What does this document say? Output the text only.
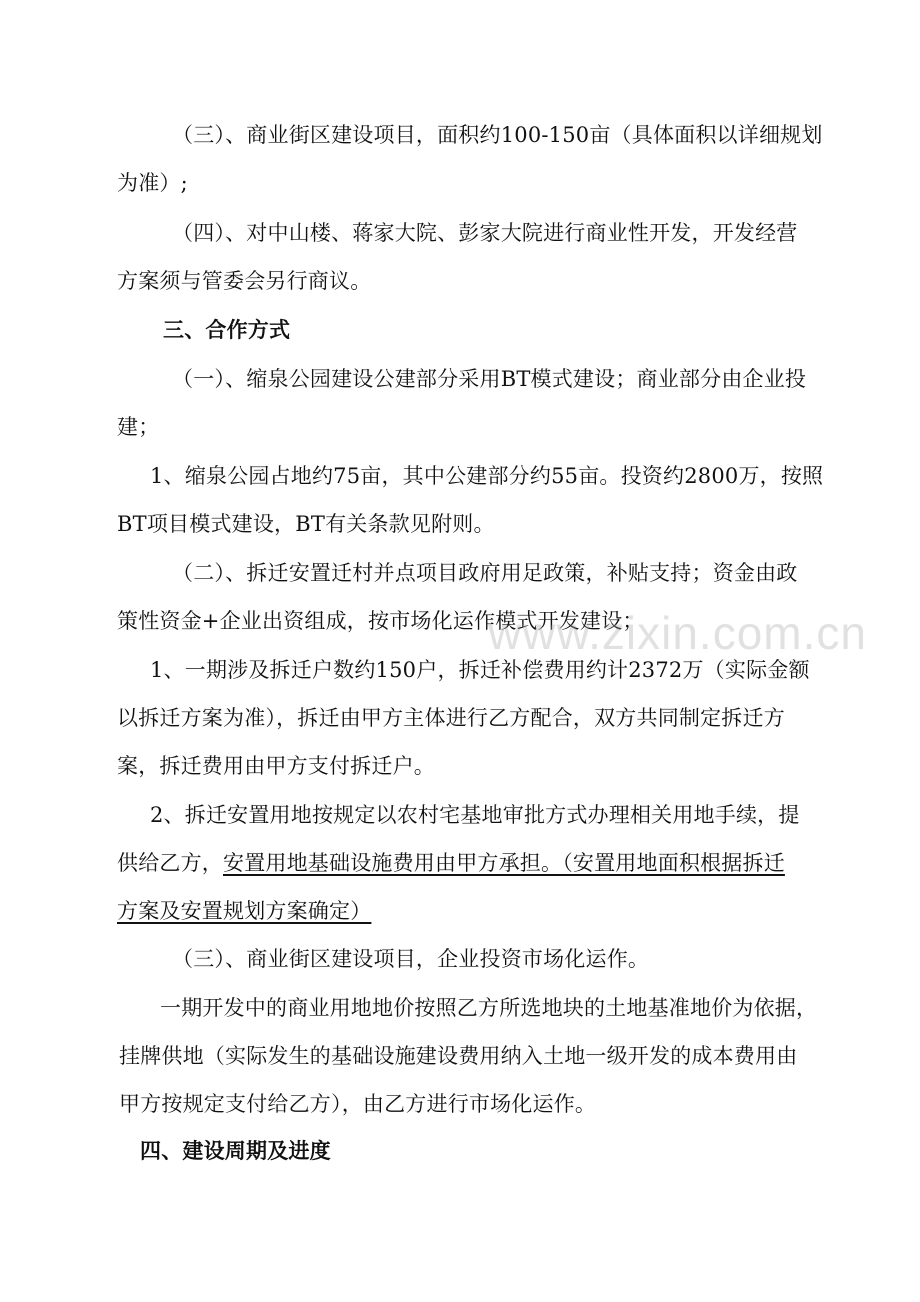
（三）、商业街区建设项目，面积约100-150亩（具体面积以详细规划
为准）;
（四）、对中山楼、蒋家大院、彭家大院进行商业性开发，开发经营
方案须与管委会另行商议。
三、合作方式
（一）、缩泉公园建设公建部分采用BT模式建设；商业部分由企业投
建；
1、缩泉公园占地约75亩，其中公建部分约55亩。投资约2800万，按照
BT项目模式建设，BT有关条款见附则。
（二）、拆迁安置迁村并点项目政府用足政策，补贴支持；资金由政
策性资金+企业出资组成，按市场化运作模式开发建设；
1、一期涉及拆迁户数约150户，拆迁补偿费用约计2372万（实际金额
以拆迁方案为准），拆迁由甲方主体进行乙方配合，双方共同制定拆迁方
案，拆迁费用由甲方支付拆迁户。
2、拆迁安置用地按规定以农村宅基地审批方式办理相关用地手续，提
供给乙方，安置用地基础设施费用由甲方承担。（安置用地面积根据拆迁
方案及安置规划方案确定）
（三）、商业街区建设项目，企业投资市场化运作。
一期开发中的商业用地地价按照乙方所选地块的土地基准地价为依据，
挂牌供地（实际发生的基础设施建设费用纳入土地一级开发的成本费用由
甲方按规定支付给乙方），由乙方进行市场化运作。
四、建设周期及进度
www.zixin.com.cn
